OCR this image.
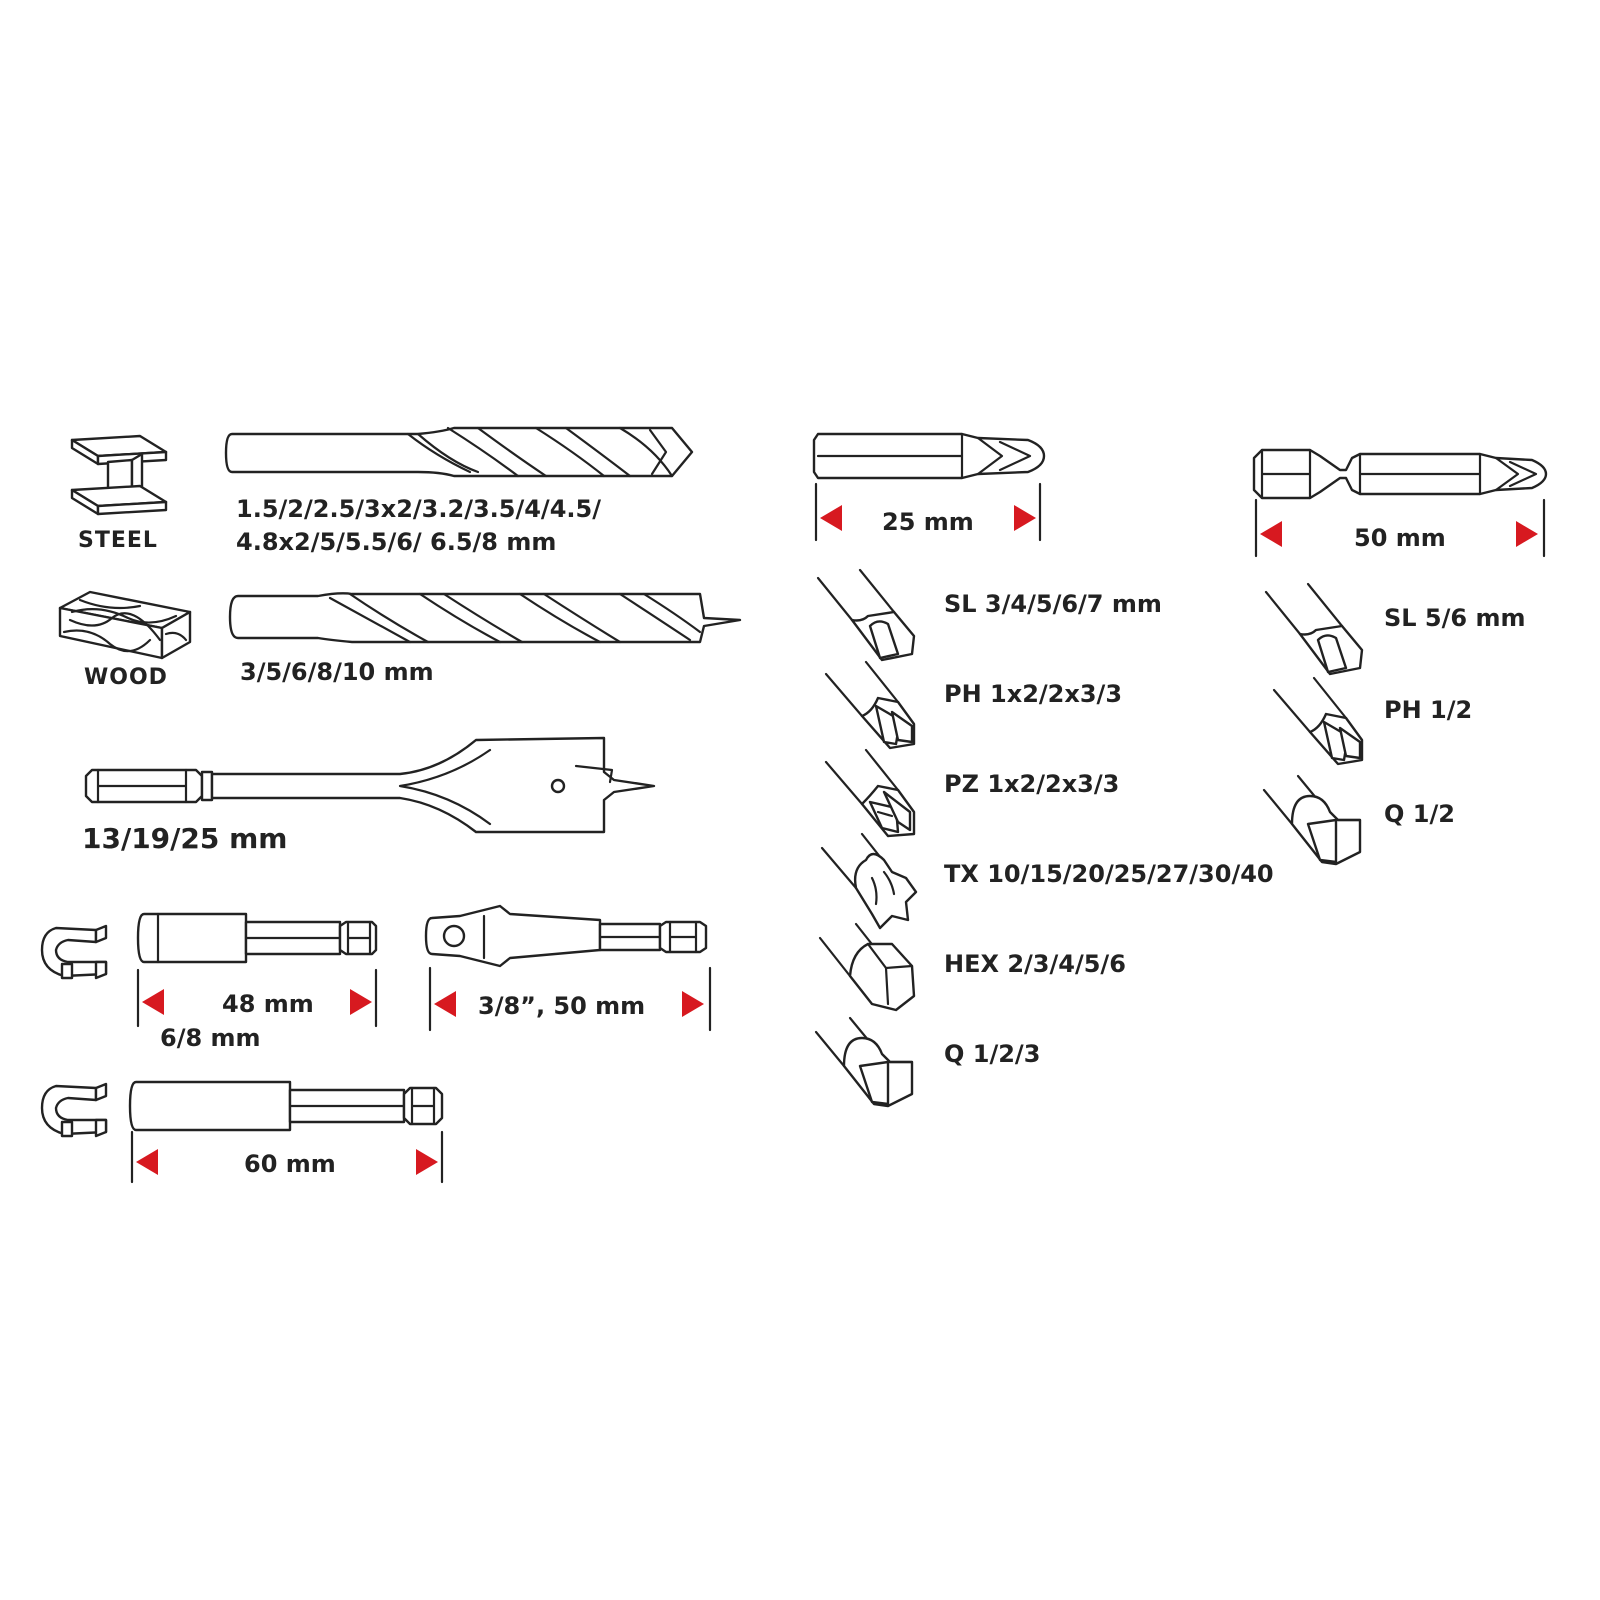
STEEL
1.5/2/2.5/3x2/3.2/3.5/4/4.5/
4.8x2/5/5.5/6/ 6.5/8 mm
WOOD	3/5/6/8/10 mm
13/19/25 mm
48 mm
6/8 mm
3/8”, 50 mm
60 mm
25 mm
SL 3/4/5/6/7 mm
PH 1x2/2x3/3
PZ 1x2/2x3/3
TX 10/15/20/25/27/30/40
HEX 2/3/4/5/6
Q 1/2/3
50 mm
SL 5/6 mm
PH 1/2
Q 1/2
